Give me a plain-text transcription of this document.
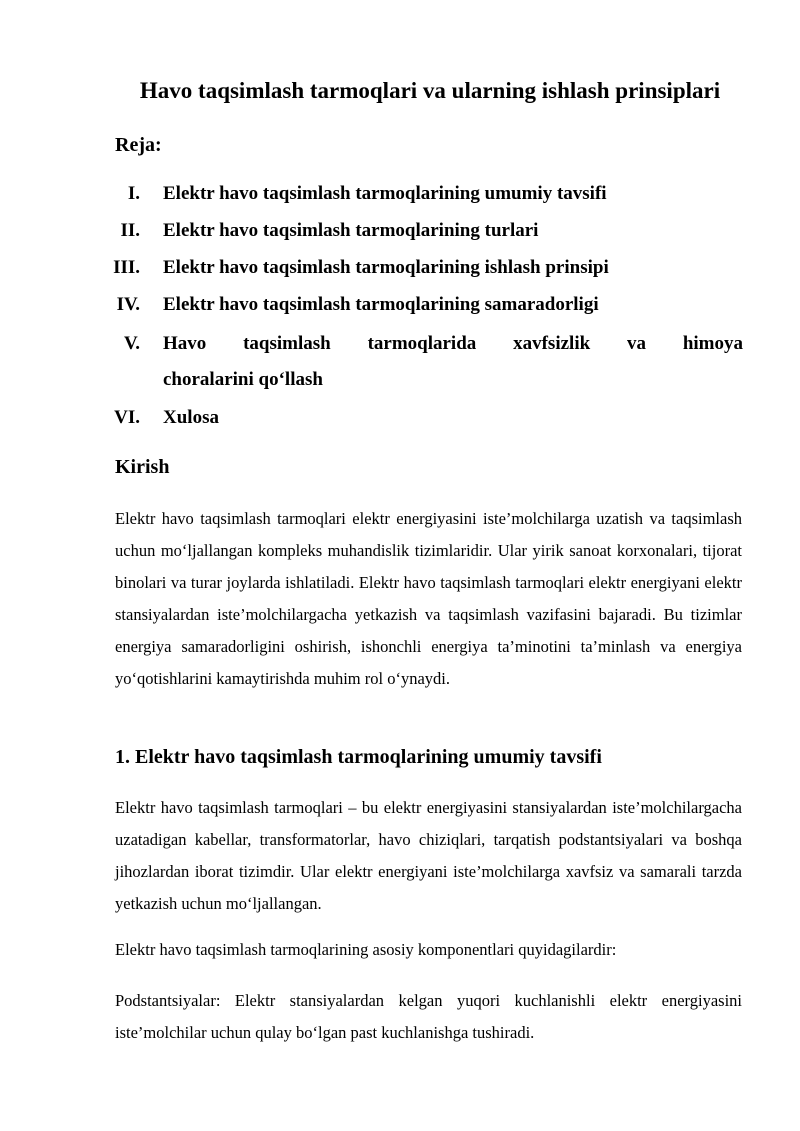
Havo taqsimlash tarmoqlari va ularning ishlash prinsiplari

Reja:

I. Elektr havo taqsimlash tarmoqlarining umumiy tavsifi
II. Elektr havo taqsimlash tarmoqlarining turlari
III. Elektr havo taqsimlash tarmoqlarining ishlash prinsipi
IV. Elektr havo taqsimlash tarmoqlarining samaradorligi
V. Havo taqsimlash tarmoqlarida xavfsizlik va himoya
choralarini qo‘llash
VI. Xulosa
Kirish

Elektr havo taqsimlash tarmoqlari elektr energiyasini iste’molchilarga uzatish va taqsimlash uchun mo‘ljallangan kompleks muhandislik tizimlaridir. Ular yirik sanoat korxonalari, tijorat binolari va turar joylarda ishlatiladi. Elektr havo taqsimlash tarmoqlari elektr energiyani elektr stansiyalardan iste’molchilargacha yetkazish va taqsimlash vazifasini bajaradi. Bu tizimlar energiya samaradorligini oshirish, ishonchli energiya ta’minotini ta’minlash va energiya yo‘qotishlarini kamaytirishda muhim rol o‘ynaydi.

1. Elektr havo taqsimlash tarmoqlarining umumiy tavsifi

Elektr havo taqsimlash tarmoqlari – bu elektr energiyasini stansiyalardan iste’molchilargacha uzatadigan kabellar, transformatorlar, havo chiziqlari, tarqatish podstantsiyalari va boshqa jihozlardan iborat tizimdir. Ular elektr energiyani iste’molchilarga xavfsiz va samarali tarzda yetkazish uchun mo‘ljallangan.

Elektr havo taqsimlash tarmoqlarining asosiy komponentlari quyidagilardir:

Podstantsiyalar: Elektr stansiyalardan kelgan yuqori kuchlanishli elektr energiyasini iste’molchilar uchun qulay bo‘lgan past kuchlanishga tushiradi.
